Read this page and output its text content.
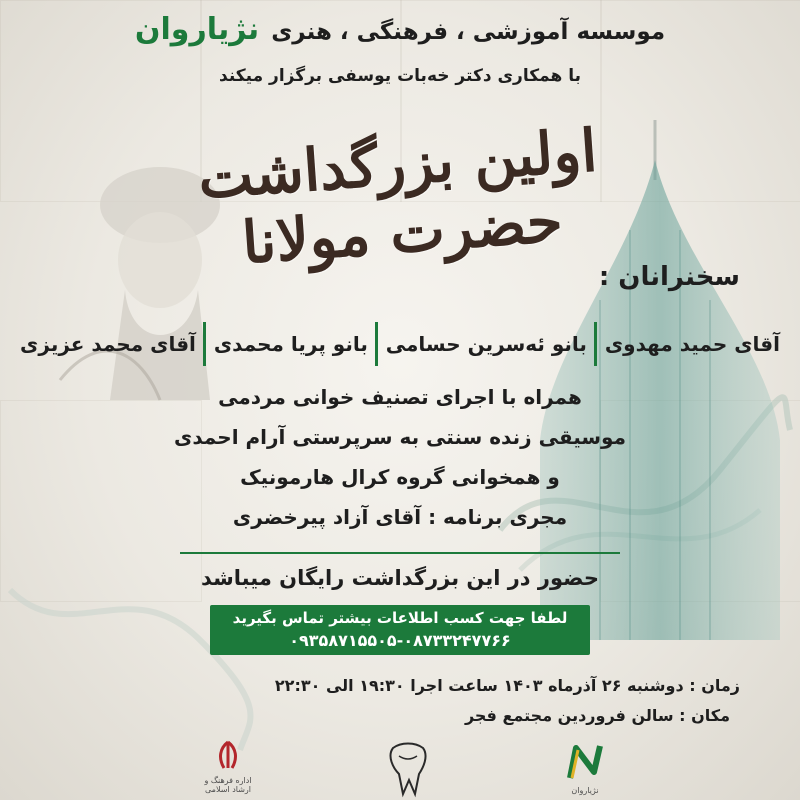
موسسه آموزشی ، فرهنگی ، هنری نژیاروان
با همکاری دکتر خەبات یوسفی برگزار میکند
اولین بزرگداشت حضرت مولانا	سخنرانان :
آقای حمید مهدوی
بانو ئەسرین حسامی
بانو پریا محمدی
آقای محمد عزیزی
همراه با اجرای تصنیف خوانی مردمی
موسیقی زنده سنتی به سرپرستی آرام احمدی
و همخوانی گروه کرال هارمونیک
مجری برنامه : آقای آزاد پیرخضری
حضور در این بزرگداشت رایگان میباشد
لطفا جهت کسب اطلاعات بیشتر تماس بگیرید
۰۹۳۵۸۷۱۵۵۰۵-۰۸۷۳۳۲۴۷۷۶۶
زمان : دوشنبه ۲۶ آذرماه ۱۴۰۳ ساعت اجرا ۱۹:۳۰ الی ۲۲:۳۰
مکان : سالن فروردین مجتمع فجر
نژیاروان
اداره فرهنگ و ارشاد اسلامی
